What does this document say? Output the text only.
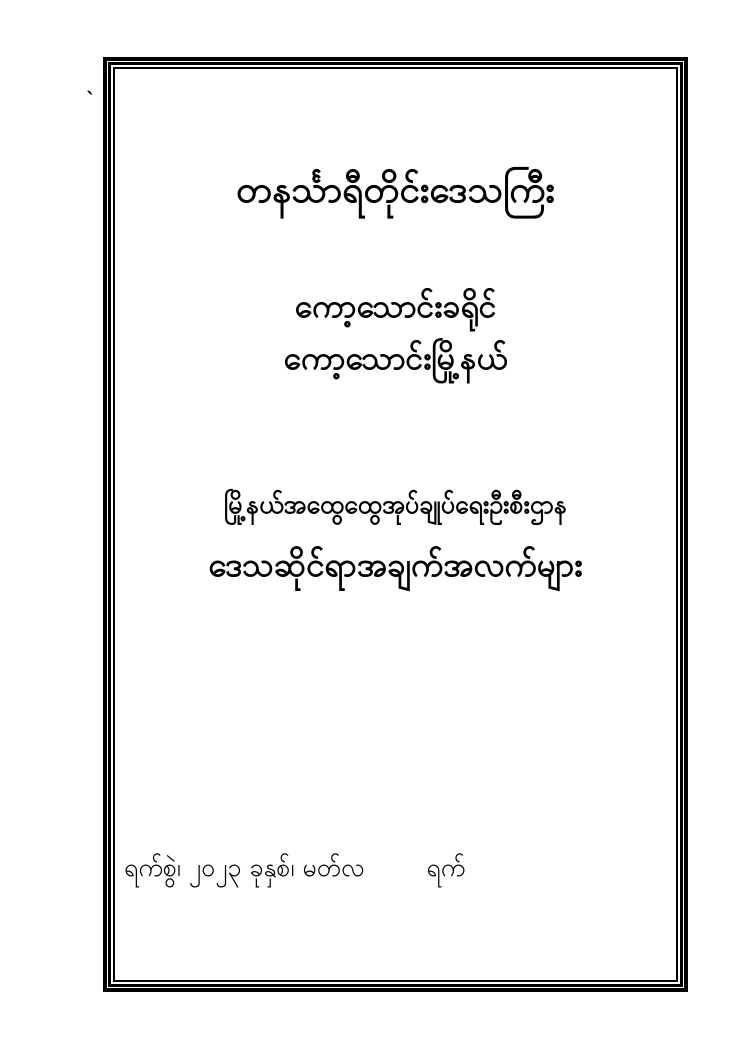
`
တနင်္သာရီတိုင်းဒေသကြီး
ကော့သောင်းခရိုင်
ကော့သောင်းမြို့နယ်
မြို့နယ်အထွေထွေအုပ်ချုပ်ရေးဦးစီးဌာန
ဒေသဆိုင်ရာအချက်အလက်များ
ရက်စွဲ၊ ၂၀၂၃ ခုနှစ်၊ မတ်လ ရက်
